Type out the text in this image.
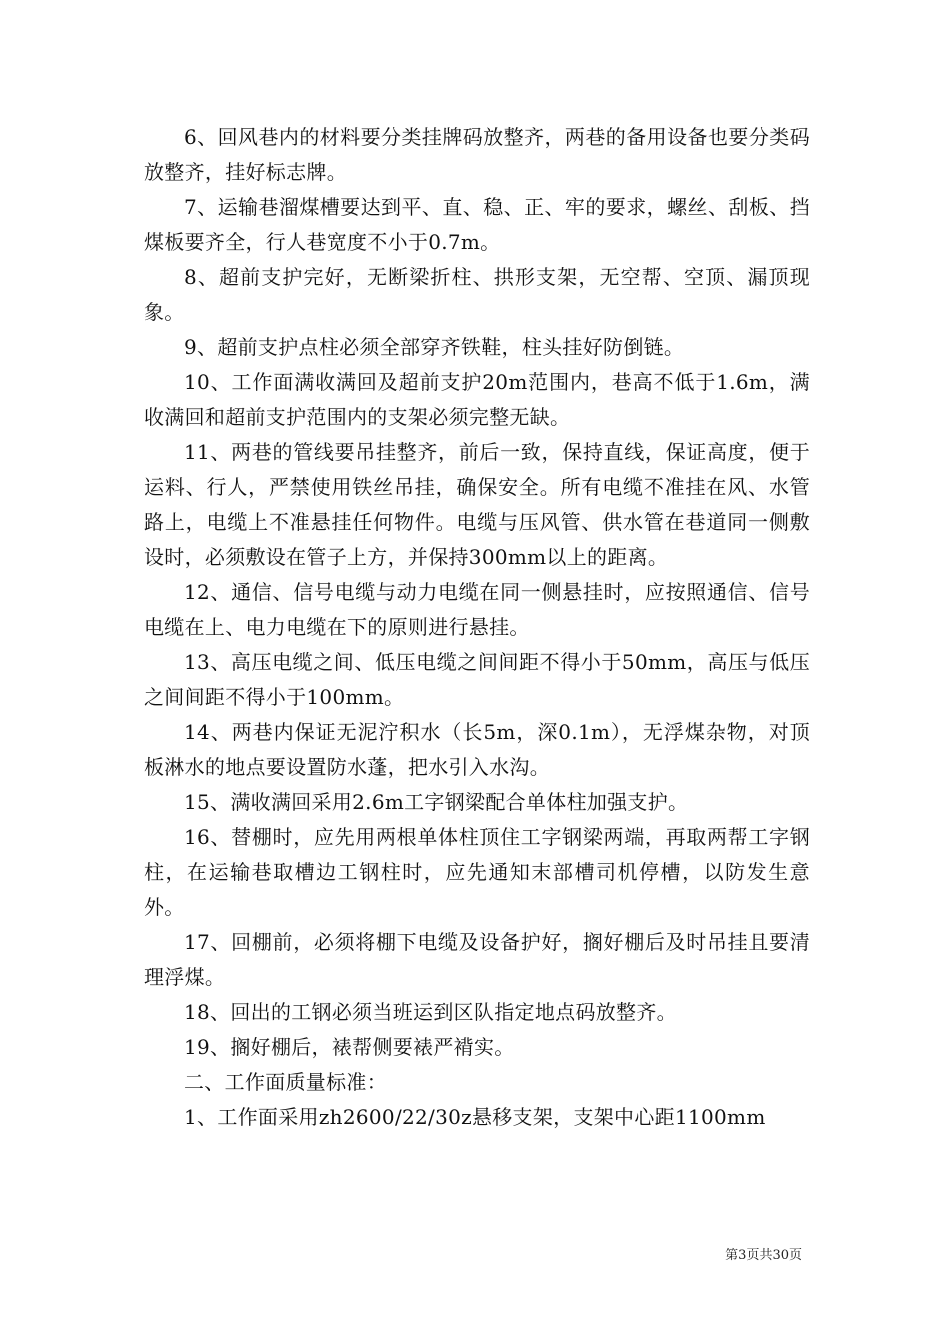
6、回风巷内的材料要分类挂牌码放整齐，两巷的备用设备也要分类码放整齐，挂好标志牌。

7、运输巷溜煤槽要达到平、直、稳、正、牢的要求，螺丝、刮板、挡煤板要齐全，行人巷宽度不小于0.7m。

8、超前支护完好，无断梁折柱、拱形支架，无空帮、空顶、漏顶现象。

9、超前支护点柱必须全部穿齐铁鞋，柱头挂好防倒链。

10、工作面满收满回及超前支护20m范围内，巷高不低于1.6m，满收满回和超前支护范围内的支架必须完整无缺。

11、两巷的管线要吊挂整齐，前后一致，保持直线，保证高度，便于运料、行人，严禁使用铁丝吊挂，确保安全。所有电缆不准挂在风、水管路上，电缆上不准悬挂任何物件。电缆与压风管、供水管在巷道同一侧敷设时，必须敷设在管子上方，并保持300mm以上的距离。

12、通信、信号电缆与动力电缆在同一侧悬挂时，应按照通信、信号电缆在上、电力电缆在下的原则进行悬挂。

13、高压电缆之间、低压电缆之间间距不得小于50mm，高压与低压之间间距不得小于100mm。

14、两巷内保证无泥泞积水（长5m，深0.1m），无浮煤杂物，对顶板淋水的地点要设置防水蓬，把水引入水沟。

15、满收满回采用2.6m工字钢梁配合单体柱加强支护。

16、替棚时，应先用两根单体柱顶住工字钢梁两端，再取两帮工字钢柱，在运输巷取槽边工钢柱时，应先通知末部槽司机停槽，以防发生意外。

17、回棚前，必须将棚下电缆及设备护好，搁好棚后及时吊挂且要清理浮煤。

18、回出的工钢必须当班运到区队指定地点码放整齐。

19、搁好棚后，裱帮侧要裱严褙实。

二、工作面质量标准：

1、工作面采用zh2600/22/30z悬移支架，支架中心距1100mm

第3页共30页
